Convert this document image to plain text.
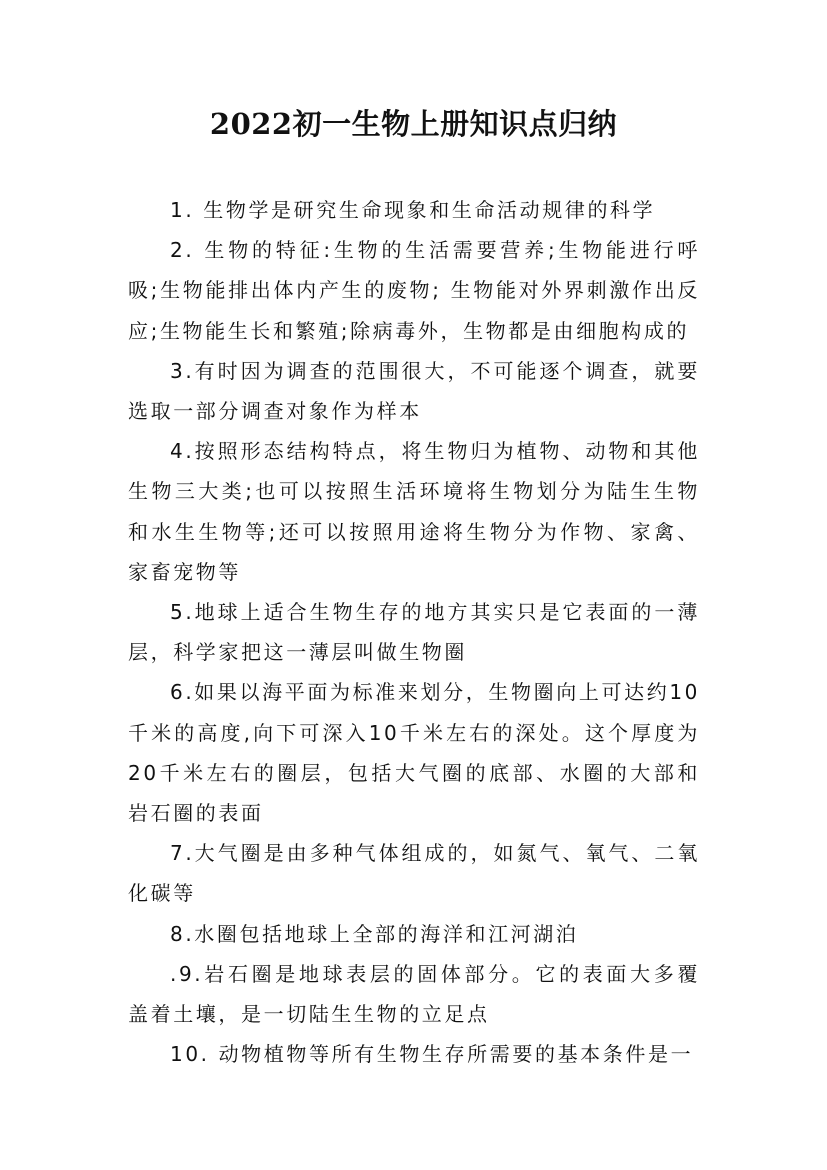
2022初一生物上册知识点归纳

1. 生物学是研究生命现象和生命活动规律的科学

2. 生物的特征:生物的生活需要营养;生物能进行呼吸;生物能排出体内产生的废物; 生物能对外界刺激作出反应;生物能生长和繁殖;除病毒外，生物都是由细胞构成的

3.有时因为调查的范围很大，不可能逐个调查，就要选取一部分调查对象作为样本

4.按照形态结构特点，将生物归为植物、动物和其他生物三大类;也可以按照生活环境将生物划分为陆生生物和水生生物等;还可以按照用途将生物分为作物、家禽、家畜宠物等

5.地球上适合生物生存的地方其实只是它表面的一薄层，科学家把这一薄层叫做生物圈

6.如果以海平面为标准来划分，生物圈向上可达约10千米的高度,向下可深入10千米左右的深处。这个厚度为20千米左右的圈层，包括大气圈的底部、水圈的大部和岩石圈的表面

7.大气圈是由多种气体组成的，如氮气、氧气、二氧化碳等

8.水圈包括地球上全部的海洋和江河湖泊

.9.岩石圈是地球表层的固体部分。它的表面大多覆盖着土壤，是一切陆生生物的立足点

10. 动物植物等所有生物生存所需要的基本条件是一
